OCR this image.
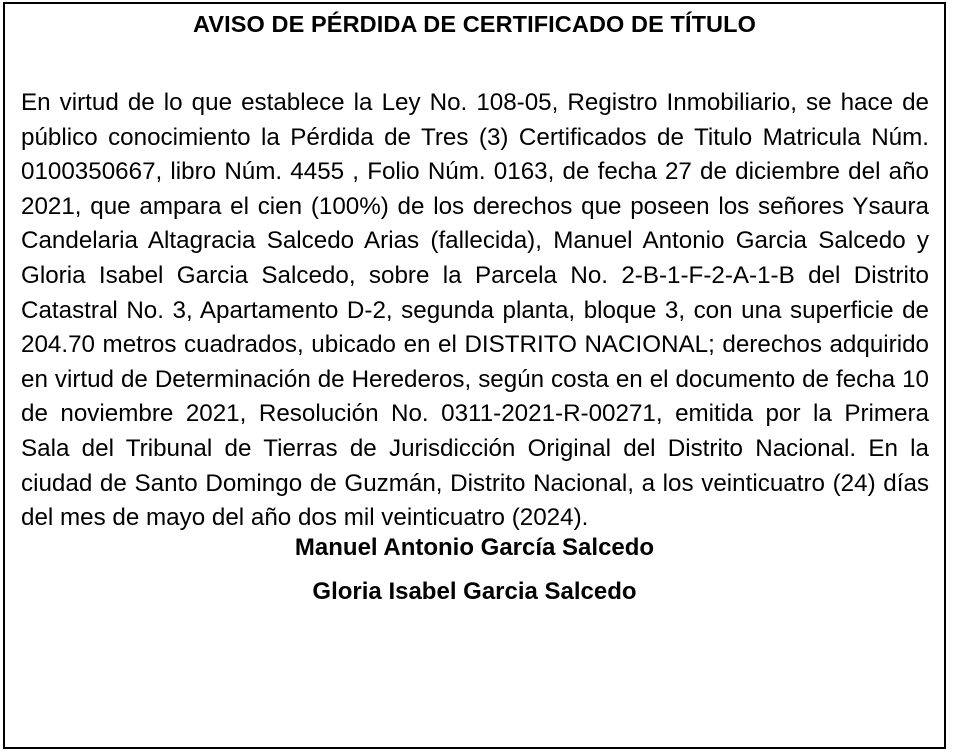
AVISO DE PÉRDIDA DE CERTIFICADO DE TÍTULO

En virtud de lo que establece la Ley No. 108-05, Registro Inmobiliario, se hace de público conocimiento la Pérdida de Tres (3) Certificados de Titulo Matricula Núm. 0100350667, libro Núm. 4455 , Folio Núm. 0163, de fecha 27 de diciembre del año 2021, que ampara el cien (100%) de los derechos que poseen los señores Ysaura Candelaria Altagracia Salcedo Arias (fallecida), Manuel Antonio Garcia Salcedo y Gloria Isabel Garcia Salcedo, sobre la Parcela No. 2-B-1-F-2-A-1-B del Distrito Catastral No. 3, Apartamento D-2, segunda planta, bloque 3, con una superficie de 204.70 metros cuadrados, ubicado en el DISTRITO NACIONAL; derechos adquirido en virtud de Determinación de Herederos, según costa en el documento de fecha 10 de noviembre 2021, Resolución No. 0311-2021-R-00271, emitida por la Primera Sala del Tribunal de Tierras de Jurisdicción Original del Distrito Nacional. En la ciudad de Santo Domingo de Guzmán, Distrito Nacional, a los veinticuatro (24) días del mes de mayo del año dos mil veinticuatro (2024).

Manuel Antonio García Salcedo

Gloria Isabel Garcia Salcedo
